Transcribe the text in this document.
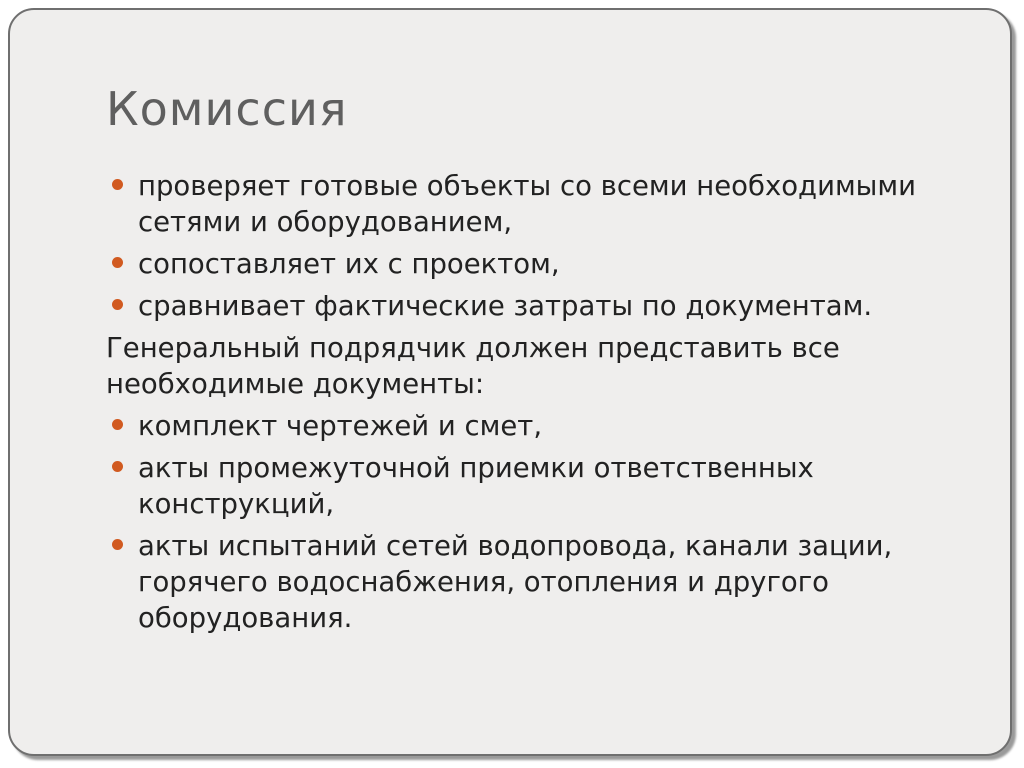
Комиссия
проверяет готовые объекты со всеми необходимыми сетями и оборудованием,
сопоставляет их с проектом,
сравнивает фактические затраты по документам.

Генеральный подрядчик должен представить все необходимые документы:

комплект чертежей и смет,
акты промежуточной приемки ответственных конструкций,
акты испытаний сетей водопровода, канали зации, горячего водоснабжения, отопления и другого оборудования.
